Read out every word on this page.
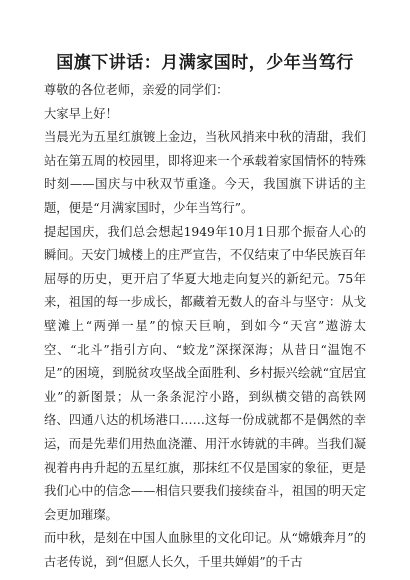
国旗下讲话：月满家国时，少年当笃行

尊敬的各位老师，亲爱的同学们：

大家早上好！

当晨光为五星红旗镀上金边，当秋风捎来中秋的清甜，我们站在第五周的校园里，即将迎来一个承载着家国情怀的特殊时刻——国庆与中秋双节重逢。今天，我国旗下讲话的主题，便是“月满家国时，少年当笃行”。

提起国庆，我们总会想起1949年10月1日那个振奋人心的瞬间。天安门城楼上的庄严宣告，不仅结束了中华民族百年屈辱的历史，更开启了华夏大地走向复兴的新纪元。75年来，祖国的每一步成长，都藏着无数人的奋斗与坚守：从戈壁滩上“两弹一星”的惊天巨响，到如今“天宫”遨游太空、“北斗”指引方向、“蛟龙”深探深海；从昔日“温饱不足”的困境，到脱贫攻坚战全面胜利、乡村振兴绘就“宜居宜业”的新图景；从一条条泥泞小路，到纵横交错的高铁网络、四通八达的机场港口……这每一份成就都不是偶然的幸运，而是先辈们用热血浇灌、用汗水铸就的丰碑。当我们凝视着冉冉升起的五星红旗，那抹红不仅是国家的象征，更是我们心中的信念——相信只要我们接续奋斗，祖国的明天定会更加璀璨。

而中秋，是刻在中国人血脉里的文化印记。从“嫦娥奔月”的古老传说，到“但愿人长久，千里共婵娟”的千古
